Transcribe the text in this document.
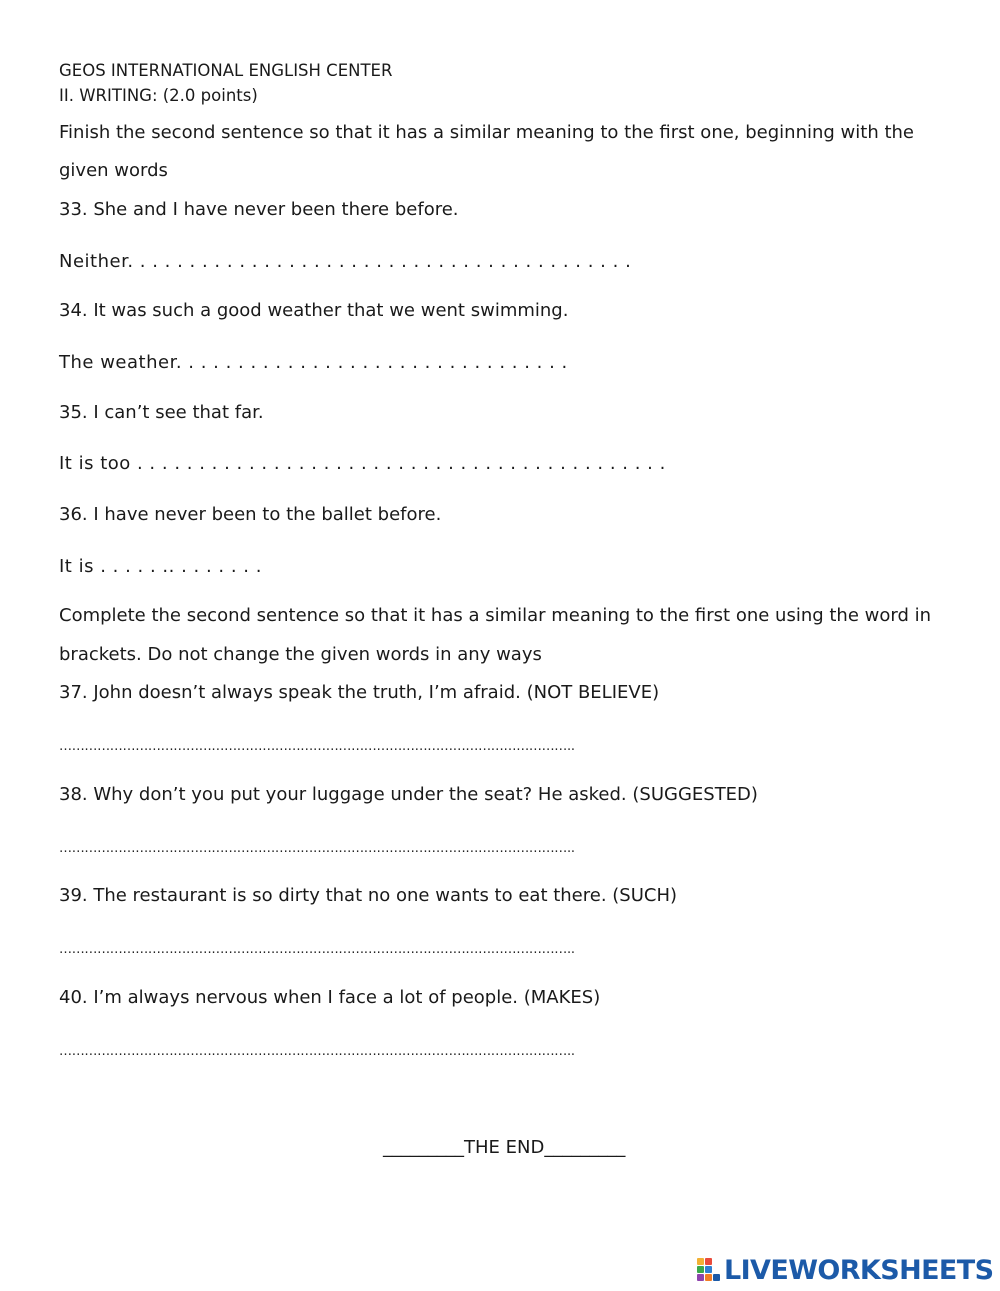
GEOS INTERNATIONAL ENGLISH CENTER
II. WRITING: (2.0 points)
Finish the second sentence so that it has a similar meaning to the first one, beginning with the
given words
33. She and I have never been there before.
Neither. . . . . . . . . . . . . . . . . . . . . . . . . . . . . . . . . . . . . . . . .
34. It was such a good weather that we went swimming.
The weather. . . . . . . . . . . . . . . . . . . . . . . . . . . . . . . .
35. I can’t see that far.
It is too . . . . . . . . . . . . . . . . . . . . . . . . . . . . . . . . . . . . . . . . . . .
36. I have never been to the ballet before.
It is . . . . . .. . . . . . . .
Complete the second sentence so that it has a similar meaning to the first one using the word in
brackets. Do not change the given words in any ways
37. John doesn’t always speak the truth, I’m afraid. (NOT BELIEVE)
…………………………………………………………………………………………………………..
38. Why don’t you put your luggage under the seat? He asked. (SUGGESTED)
…………………………………………………………………………………………………………..
39. The restaurant is so dirty that no one wants to eat there. (SUCH)
…………………………………………………………………………………………………………..
40. I’m always nervous when I face a lot of people. (MAKES)
…………………………………………………………………………………………………………..
_________THE END_________
LIVEWORKSHEETS
